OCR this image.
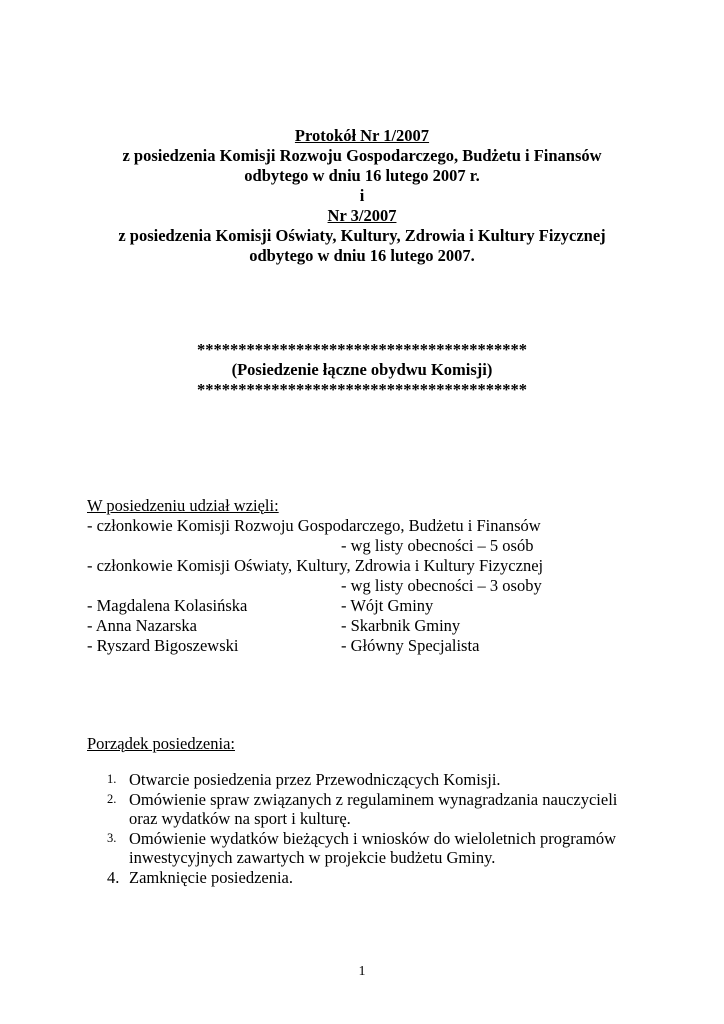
Protokół Nr 1/2007
z posiedzenia Komisji Rozwoju Gospodarczego, Budżetu i Finansów
odbytego w dniu 16 lutego 2007 r.
i
Nr 3/2007
z posiedzenia Komisji Oświaty, Kultury, Zdrowia i Kultury Fizycznej
odbytego w dniu 16 lutego 2007.
****************************************
(Posiedzenie łączne obydwu Komisji)
****************************************
W posiedzeniu udział wzięli:
- członkowie Komisji Rozwoju Gospodarczego, Budżetu i Finansów
- wg listy obecności – 5 osób
- członkowie Komisji Oświaty, Kultury, Zdrowia i Kultury Fizycznej
- wg listy obecności – 3 osoby
- Magdalena Kolasińska	- Wójt Gminy
- Anna Nazarska	- Skarbnik Gminy
- Ryszard Bigoszewski	- Główny Specjalista
Porządek posiedzenia:
1. Otwarcie posiedzenia przez Przewodniczących Komisji.
2. Omówienie spraw związanych z regulaminem wynagradzania nauczycieli
oraz wydatków na sport i kulturę.
3. Omówienie wydatków bieżących i wniosków do wieloletnich programów
inwestycyjnych zawartych w projekcie budżetu Gminy.
4. Zamknięcie posiedzenia.
1
